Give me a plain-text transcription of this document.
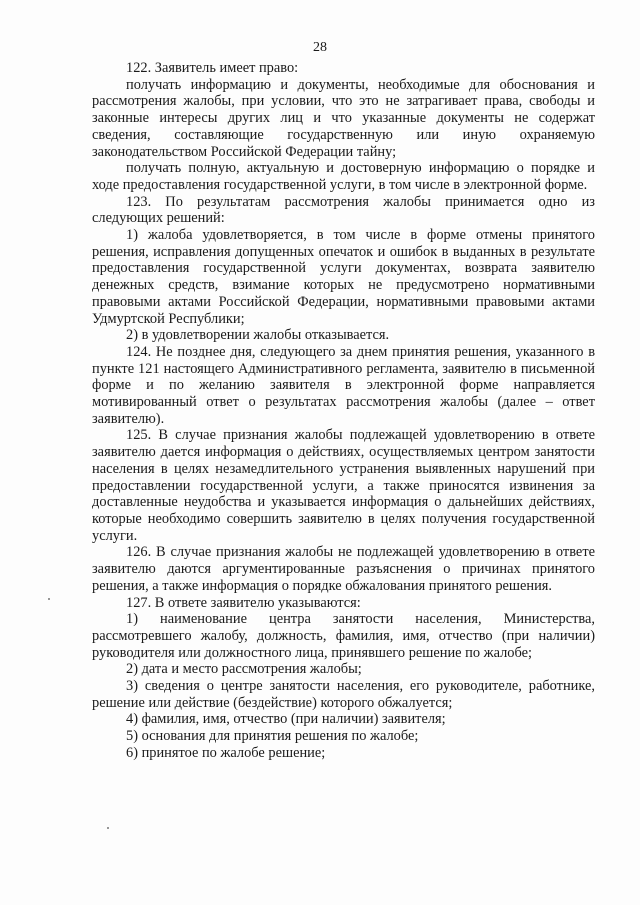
28

122. Заявитель имеет право:

получать информацию и документы, необходимые для обоснования и рассмотрения жалобы, при условии, что это не затрагивает права, свободы и законные интересы других лиц и что указанные документы не содержат сведения, составляющие государственную или иную охраняемую законодательством Российской Федерации тайну;

получать полную, актуальную и достоверную информацию о порядке и ходе предоставления государственной услуги, в том числе в электронной форме.

123. По результатам рассмотрения жалобы принимается одно из следующих решений:

1) жалоба удовлетворяется, в том числе в форме отмены принятого решения, исправления допущенных опечаток и ошибок в выданных в результате предоставления государственной услуги документах, возврата заявителю денежных средств, взимание которых не предусмотрено нормативными правовыми актами Российской Федерации, нормативными правовыми актами Удмуртской Республики;

2) в удовлетворении жалобы отказывается.

124. Не позднее дня, следующего за днем принятия решения, указанного в пункте 121 настоящего Административного регламента, заявителю в письменной форме и по желанию заявителя в электронной форме направляется мотивированный ответ о результатах рассмотрения жалобы (далее – ответ заявителю).

125. В случае признания жалобы подлежащей удовлетворению в ответе заявителю дается информация о действиях, осуществляемых центром занятости населения в целях незамедлительного устранения выявленных нарушений при предоставлении государственной услуги, а также приносятся извинения за доставленные неудобства и указывается информация о дальнейших действиях, которые необходимо совершить заявителю в целях получения государственной услуги.

126. В случае признания жалобы не подлежащей удовлетворению в ответе заявителю даются аргументированные разъяснения о причинах принятого решения, а также информация о порядке обжалования принятого решения.

127. В ответе заявителю указываются:

1) наименование центра занятости населения, Министерства, рассмотревшего жалобу, должность, фамилия, имя, отчество (при наличии) руководителя или должностного лица, принявшего решение по жалобе;

2) дата и место рассмотрения жалобы;

3) сведения о центре занятости населения, его руководителе, работнике, решение или действие (бездействие) которого обжалуется;

4) фамилия, имя, отчество (при наличии) заявителя;

5) основания для принятия решения по жалобе;

6) принятое по жалобе решение;
